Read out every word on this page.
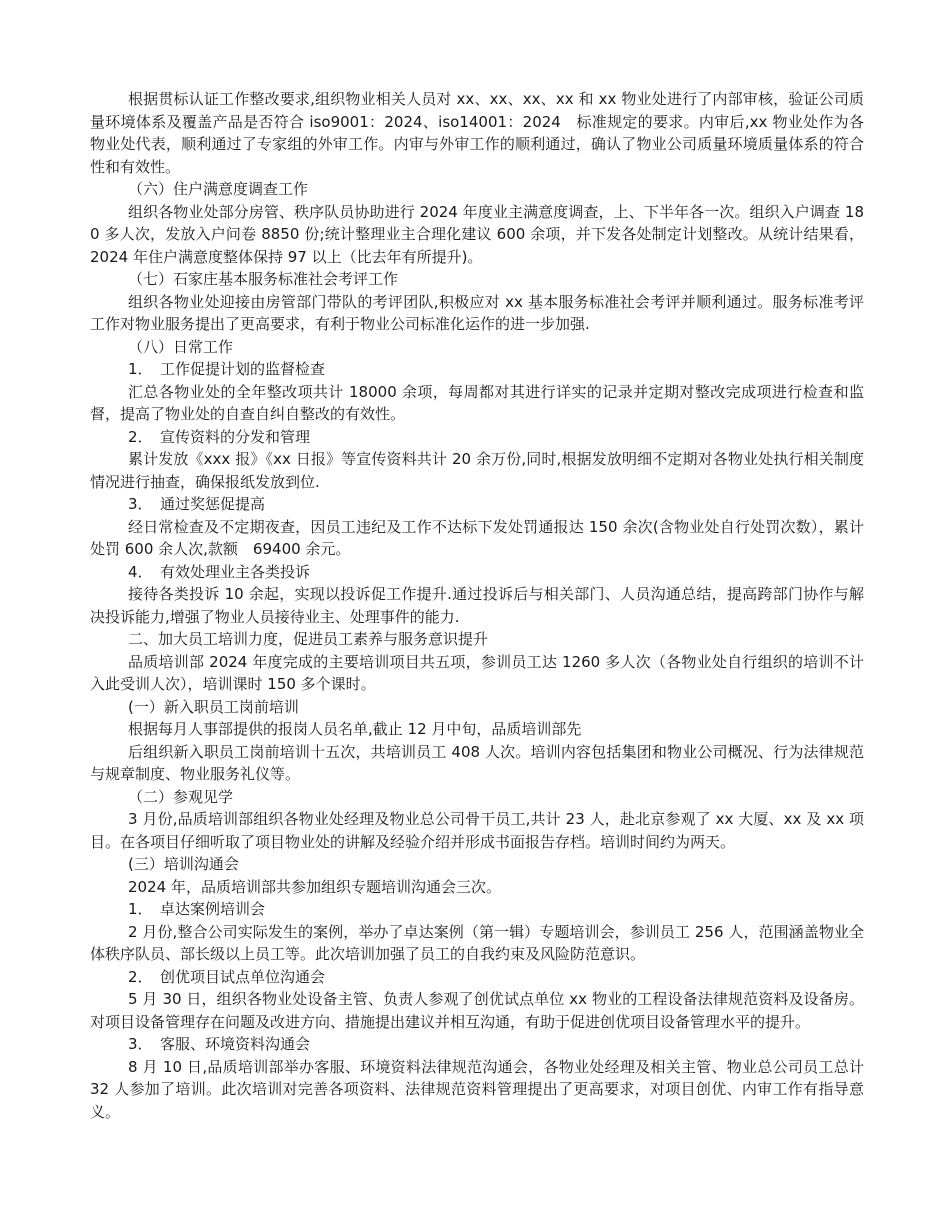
根据贯标认证工作整改要求,组织物业相关人员对 xx、xx、xx、xx 和 xx 物业处进行了内部审核，验证公司质量环境体系及覆盖产品是否符合 iso9001：2024、iso14001：2024　标准规定的要求。内审后,xx 物业处作为各物业处代表，顺利通过了专家组的外审工作。内审与外审工作的顺利通过，确认了物业公司质量环境质量体系的符合性和有效性。

（六）住户满意度调查工作

组织各物业处部分房管、秩序队员协助进行 2024 年度业主满意度调查，上、下半年各一次。组织入户调查 180 多人次，发放入户问卷 8850 份;统计整理业主合理化建议 600 余项，并下发各处制定计划整改。从统计结果看，2024 年住户满意度整体保持 97 以上（比去年有所提升)。

（七）石家庄基本服务标准社会考评工作

组织各物业处迎接由房管部门带队的考评团队,积极应对 xx 基本服务标准社会考评并顺利通过。服务标准考评工作对物业服务提出了更高要求，有利于物业公司标准化运作的进一步加强.

（八）日常工作

1．　工作促提计划的监督检查

汇总各物业处的全年整改项共计 18000 余项，每周都对其进行详实的记录并定期对整改完成项进行检查和监督，提高了物业处的自查自纠自整改的有效性。

2．　宣传资料的分发和管理

累计发放《xxx 报》《xx 日报》等宣传资料共计 20 余万份,同时,根据发放明细不定期对各物业处执行相关制度情况进行抽查，确保报纸发放到位.

3．　通过奖惩促提高

经日常检查及不定期夜查，因员工违纪及工作不达标下发处罚通报达 150 余次(含物业处自行处罚次数），累计处罚 600 余人次,款额　69400 余元。

4．　有效处理业主各类投诉

接待各类投诉 10 余起，实现以投诉促工作提升.通过投诉后与相关部门、人员沟通总结，提高跨部门协作与解决投诉能力,增强了物业人员接待业主、处理事件的能力.

二、加大员工培训力度，促进员工素养与服务意识提升

品质培训部 2024 年度完成的主要培训项目共五项，参训员工达 1260 多人次（各物业处自行组织的培训不计入此受训人次），培训课时 150 多个课时。

(一）新入职员工岗前培训

根据每月人事部提供的报岗人员名单,截止 12 月中旬，品质培训部先

后组织新入职员工岗前培训十五次，共培训员工 408 人次。培训内容包括集团和物业公司概况、行为法律规范与规章制度、物业服务礼仪等。

（二）参观见学

3 月份,品质培训部组织各物业处经理及物业总公司骨干员工,共计 23 人，赴北京参观了 xx 大厦、xx 及 xx 项目。在各项目仔细听取了项目物业处的讲解及经验介绍并形成书面报告存档。培训时间约为两天。

(三）培训沟通会

2024 年，品质培训部共参加组织专题培训沟通会三次。

1．　卓达案例培训会

2 月份,整合公司实际发生的案例，举办了卓达案例（第一辑）专题培训会，参训员工 256 人，范围涵盖物业全体秩序队员、部长级以上员工等。此次培训加强了员工的自我约束及风险防范意识。

2．　创优项目试点单位沟通会

5 月 30 日，组织各物业处设备主管、负责人参观了创优试点单位 xx 物业的工程设备法律规范资料及设备房。对项目设备管理存在问题及改进方向、措施提出建议并相互沟通，有助于促进创优项目设备管理水平的提升。

3．　客服、环境资料沟通会

8 月 10 日,品质培训部举办客服、环境资料法律规范沟通会，各物业处经理及相关主管、物业总公司员工总计 32 人参加了培训。此次培训对完善各项资料、法律规范资料管理提出了更高要求，对项目创优、内审工作有指导意义。
